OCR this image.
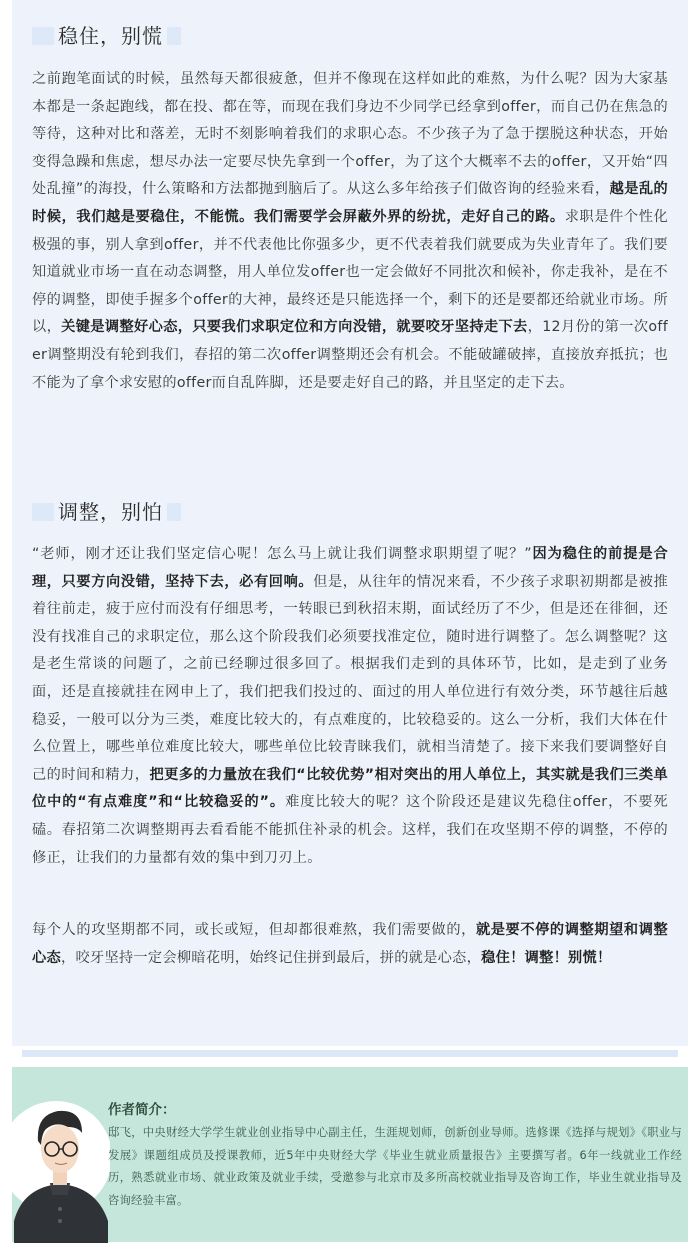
稳住，别慌

之前跑笔面试的时候，虽然每天都很疲惫，但并不像现在这样如此的难熬，为什么呢？因为大家基本都是一条起跑线，都在投、都在等，而现在我们身边不少同学已经拿到offer，而自己仍在焦急的等待，这种对比和落差，无时不刻影响着我们的求职心态。不少孩子为了急于摆脱这种状态，开始变得急躁和焦虑，想尽办法一定要尽快先拿到一个offer，为了这个大概率不去的offer，又开始“四处乱撞”的海投，什么策略和方法都抛到脑后了。从这么多年给孩子们做咨询的经验来看，越是乱的时候，我们越是要稳住，不能慌。我们需要学会屏蔽外界的纷扰，走好自己的路。求职是件个性化极强的事，别人拿到offer，并不代表他比你强多少，更不代表着我们就要成为失业青年了。我们要知道就业市场一直在动态调整，用人单位发offer也一定会做好不同批次和候补，你走我补，是在不停的调整，即使手握多个offer的大神，最终还是只能选择一个，剩下的还是要都还给就业市场。所以，关键是调整好心态，只要我们求职定位和方向没错，就要咬牙坚持走下去，12月份的第一次offer调整期没有轮到我们，春招的第二次offer调整期还会有机会。不能破罐破摔，直接放弃抵抗；也不能为了拿个求安慰的offer而自乱阵脚，还是要走好自己的路，并且坚定的走下去。

调整，别怕

“老师，刚才还让我们坚定信心呢！怎么马上就让我们调整求职期望了呢？”因为稳住的前提是合理，只要方向没错，坚持下去，必有回响。但是，从往年的情况来看，不少孩子求职初期都是被推着往前走，疲于应付而没有仔细思考，一转眼已到秋招末期，面试经历了不少，但是还在徘徊，还没有找准自己的求职定位，那么这个阶段我们必须要找准定位，随时进行调整了。怎么调整呢？这是老生常谈的问题了，之前已经聊过很多回了。根据我们走到的具体环节，比如，是走到了业务面，还是直接就挂在网申上了，我们把我们投过的、面过的用人单位进行有效分类，环节越往后越稳妥，一般可以分为三类，难度比较大的，有点难度的，比较稳妥的。这么一分析，我们大体在什么位置上，哪些单位难度比较大，哪些单位比较青睐我们，就相当清楚了。接下来我们要调整好自己的时间和精力，把更多的力量放在我们“比较优势”相对突出的用人单位上，其实就是我们三类单位中的“有点难度”和“比较稳妥的”。难度比较大的呢？这个阶段还是建议先稳住offer，不要死磕。春招第二次调整期再去看看能不能抓住补录的机会。这样，我们在攻坚期不停的调整，不停的修正，让我们的力量都有效的集中到刀刃上。

每个人的攻坚期都不同，或长或短，但却都很难熬，我们需要做的，就是要不停的调整期望和调整心态，咬牙坚持一定会柳暗花明，始终记住拼到最后，拼的就是心态，稳住！调整！别慌！

作者简介：

邸飞，中央财经大学学生就业创业指导中心副主任，生涯规划师，创新创业导师。选修课《选择与规划》《职业与发展》课题组成员及授课教师，近5年中央财经大学《毕业生就业质量报告》主要撰写者。6年一线就业工作经历，熟悉就业市场、就业政策及就业手续，受邀参与北京市及多所高校就业指导及咨询工作，毕业生就业指导及咨询经验丰富。
